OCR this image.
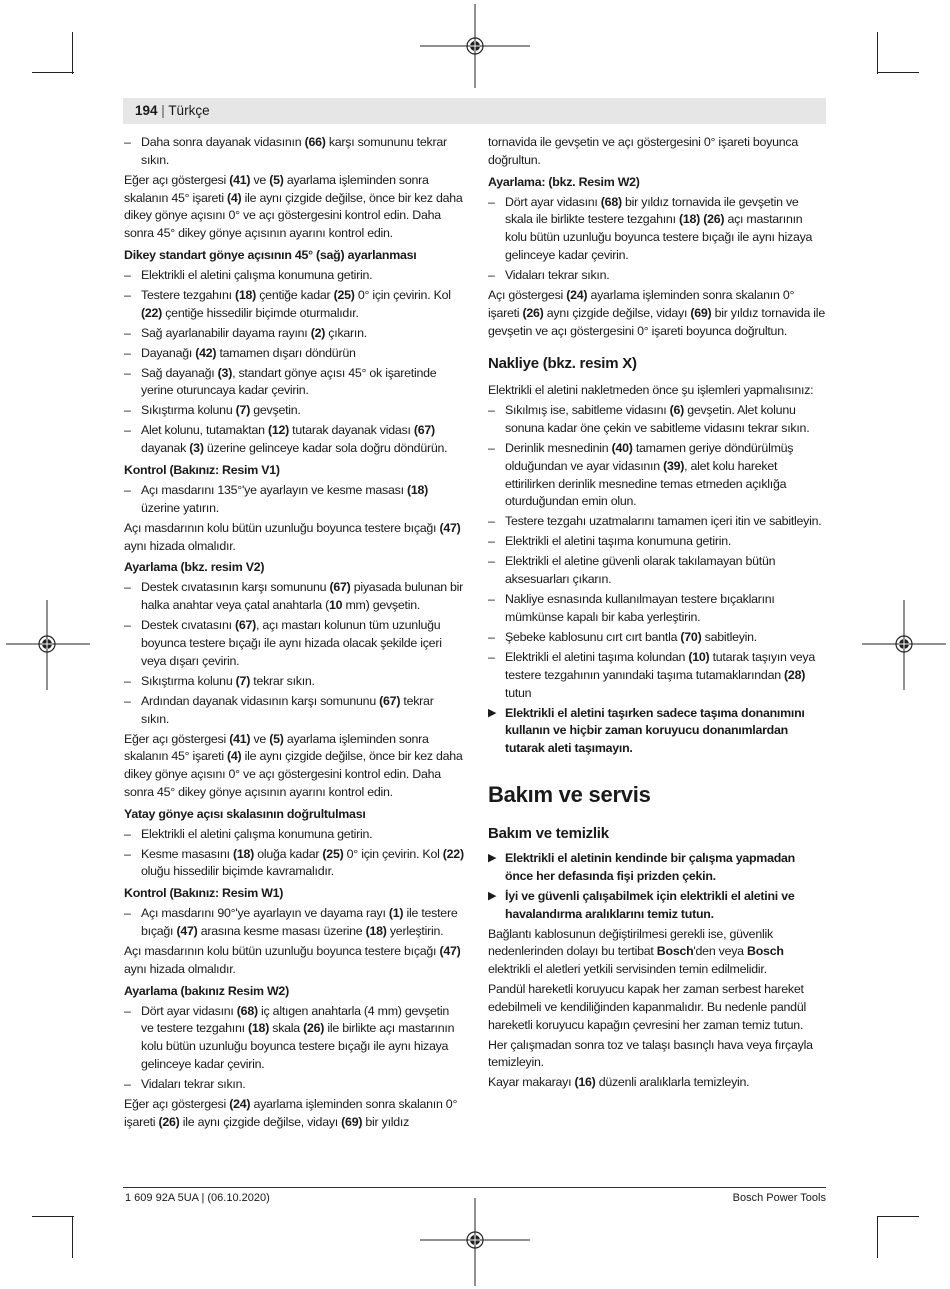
194 | Türkçe
– Daha sonra dayanak vidasının (66) karşı somununu tekrar sıkın.

Eğer açı göstergesi (41) ve (5) ayarlama işleminden sonra skalanın 45° işareti (4) ile aynı çizgide değilse, önce bir kez daha dikey gönye açısını 0° ve açı göstergesini kontrol edin. Daha sonra 45° dikey gönye açısının ayarını kontrol edin.

Dikey standart gönye açısının 45° (sağ) ayarlanması

– Elektrikli el aletini çalışma konumuna getirin.
– Testere tezgahını (18) çentiğe kadar (25) 0° için çevirin. Kol (22) çentiğe hissedilir biçimde oturmalıdır.
– Sağ ayarlanabilir dayama rayını (2) çıkarın.
– Dayanağı (42) tamamen dışarı döndürün
– Sağ dayanağı (3), standart gönye açısı 45° ok işaretinde yerine oturuncaya kadar çevirin.
– Sıkıştırma kolunu (7) gevşetin.
– Alet kolunu, tutamaktan (12) tutarak dayanak vidası (67) dayanak (3) üzerine gelinceye kadar sola doğru döndürün.

Kontrol (Bakınız: Resim V1)

– Açı masdarını 135°'ye ayarlayın ve kesme masası (18) üzerine yatırın.

Açı masdarının kolu bütün uzunluğu boyunca testere bıçağı (47) aynı hizada olmalıdır.

Ayarlama (bkz. resim V2)

– Destek cıvatasının karşı somununu (67) piyasada bulunan bir halka anahtar veya çatal anahtarla (10 mm) gevşetin.
– Destek cıvatasını (67), açı mastarı kolunun tüm uzunluğu boyunca testere bıçağı ile aynı hizada olacak şekilde içeri veya dışarı çevirin.
– Sıkıştırma kolunu (7) tekrar sıkın.
– Ardından dayanak vidasının karşı somununu (67) tekrar sıkın.

Eğer açı göstergesi (41) ve (5) ayarlama işleminden sonra skalanın 45° işareti (4) ile aynı çizgide değilse, önce bir kez daha dikey gönye açısını 0° ve açı göstergesini kontrol edin. Daha sonra 45° dikey gönye açısının ayarını kontrol edin.

Yatay gönye açısı skalasının doğrultulması

– Elektrikli el aletini çalışma konumuna getirin.
– Kesme masasını (18) oluğa kadar (25) 0° için çevirin. Kol (22) oluğu hissedilir biçimde kavramalıdır.

Kontrol (Bakınız: Resim W1)

– Açı masdarını 90°'ye ayarlayın ve dayama rayı (1) ile testere bıçağı (47) arasına kesme masası üzerine (18) yerleştirin.

Açı masdarının kolu bütün uzunluğu boyunca testere bıçağı (47) aynı hizada olmalıdır.

Ayarlama (bakınız Resim W2)

– Dört ayar vidasını (68) iç altıgen anahtarla (4 mm) gevşetin ve testere tezgahını (18) skala (26) ile birlikte açı mastarının kolu bütün uzunluğu boyunca testere bıçağı ile aynı hizaya gelinceye kadar çevirin.
– Vidaları tekrar sıkın.

Eğer açı göstergesi (24) ayarlama işleminden sonra skalanın 0° işareti (26) ile aynı çizgide değilse, vidayı (69) bir yıldız

tornavida ile gevşetin ve açı göstergesini 0° işareti boyunca doğrultun.

Ayarlama: (bkz. Resim W2)

– Dört ayar vidasını (68) bir yıldız tornavida ile gevşetin ve skala ile birlikte testere tezgahını (18) (26) açı mastarının kolu bütün uzunluğu boyunca testere bıçağı ile aynı hizaya gelinceye kadar çevirin.
– Vidaları tekrar sıkın.

Açı göstergesi (24) ayarlama işleminden sonra skalanın 0° işareti (26) aynı çizgide değilse, vidayı (69) bir yıldız tornavida ile gevşetin ve açı göstergesini 0° işareti boyunca doğrultun.

Nakliye (bkz. resim X)

Elektrikli el aletini nakletmeden önce şu işlemleri yapmalısınız:

– Sıkılmış ise, sabitleme vidasını (6) gevşetin. Alet kolunu sonuna kadar öne çekin ve sabitleme vidasını tekrar sıkın.
– Derinlik mesnedinin (40) tamamen geriye döndürülmüş olduğundan ve ayar vidasının (39), alet kolu hareket ettirilirken derinlik mesnedine temas etmeden açıklığa oturduğundan emin olun.
– Testere tezgahı uzatmalarını tamamen içeri itin ve sabitleyin.
– Elektrikli el aletini taşıma konumuna getirin.
– Elektrikli el aletine güvenli olarak takılamayan bütün aksesuarları çıkarın.
– Nakliye esnasında kullanılmayan testere bıçaklarını mümkünse kapalı bir kaba yerleştirin.
– Şebeke kablosunu cırt cırt bantla (70) sabitleyin.
– Elektrikli el aletini taşıma kolundan (10) tutarak taşıyın veya testere tezgahının yanındaki taşıma tutamaklarından (28) tutun
▶ Elektrikli el aletini taşırken sadece taşıma donanımını kullanın ve hiçbir zaman koruyucu donanımlardan tutarak aleti taşımayın.
Bakım ve servis
Bakım ve temizlik
▶ Elektrikli el aletinin kendinde bir çalışma yapmadan önce her defasında fişi prizden çekin.
▶ İyi ve güvenli çalışabilmek için elektrikli el aletini ve havalandırma aralıklarını temiz tutun.

Bağlantı kablosunun değiştirilmesi gerekli ise, güvenlik nedenlerinden dolayı bu tertibat Bosch'den veya Bosch elektrikli el aletleri yetkili servisinden temin edilmelidir.

Pandül hareketli koruyucu kapak her zaman serbest hareket edebilmeli ve kendiliğinden kapanmalıdır. Bu nedenle pandül hareketli koruyucu kapağın çevresini her zaman temiz tutun.

Her çalışmadan sonra toz ve talaşı basınçlı hava veya fırçayla temizleyin.

Kayar makarayı (16) düzenli aralıklarla temizleyin.

1 609 92A 5UA | (06.10.2020)	Bosch Power Tools
